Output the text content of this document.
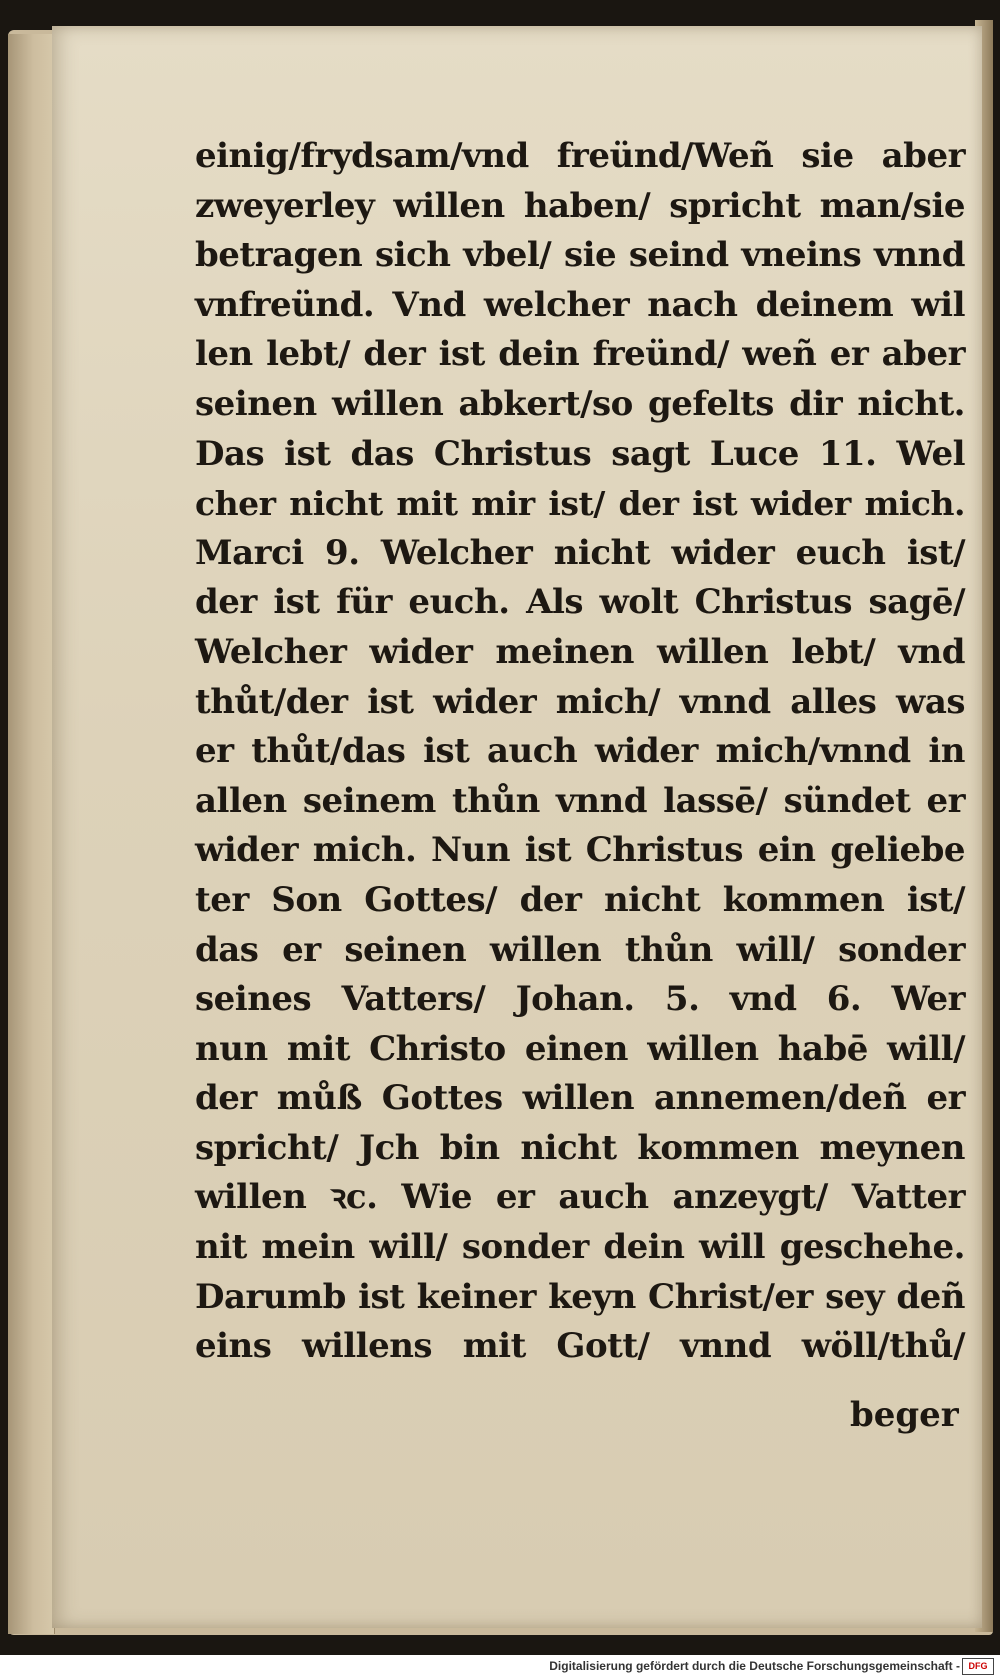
einig/frydsam/vnd freünd/Weñ sie aber
zweyerley willen haben/ spricht man/sie
betragen sich vbel/ sie seind vneins vnnd
vnfreünd. Vnd welcher nach deinem wil
len lebt/ der ist dein freünd/ weñ er aber
seinen willen abkert/so gefelts dir nicht.
Das ist das Christus sagt Luce 11. Wel
cher nicht mit mir ist/ der ist wider mich.
Marci 9. Welcher nicht wider euch ist/
der ist für euch. Als wolt Christus sagē/
Welcher wider meinen willen lebt/ vnd
thůt/der ist wider mich/ vnnd alles was
er thůt/das ist auch wider mich/vnnd in
allen seinem thůn vnnd lassē/ sündet er
wider mich. Nun ist Christus ein geliebe
ter Son Gottes/ der nicht kommen ist/
das er seinen willen thůn will/ sonder
seines Vatters/ Johan. 5. vnd 6. Wer
nun mit Christo einen willen habē will/
der můß Gottes willen annemen/deñ er
spricht/ Jch bin nicht kommen meynen
willen ꝛc. Wie er auch anzeygt/ Vatter
nit mein will/ sonder dein will geschehe.
Darumb ist keiner keyn Christ/er sey deñ
eins willens mit Gott/ vnnd wöll/thů/
beger
Digitalisierung gefördert durch die Deutsche Forschungsgemeinschaft - DFG
